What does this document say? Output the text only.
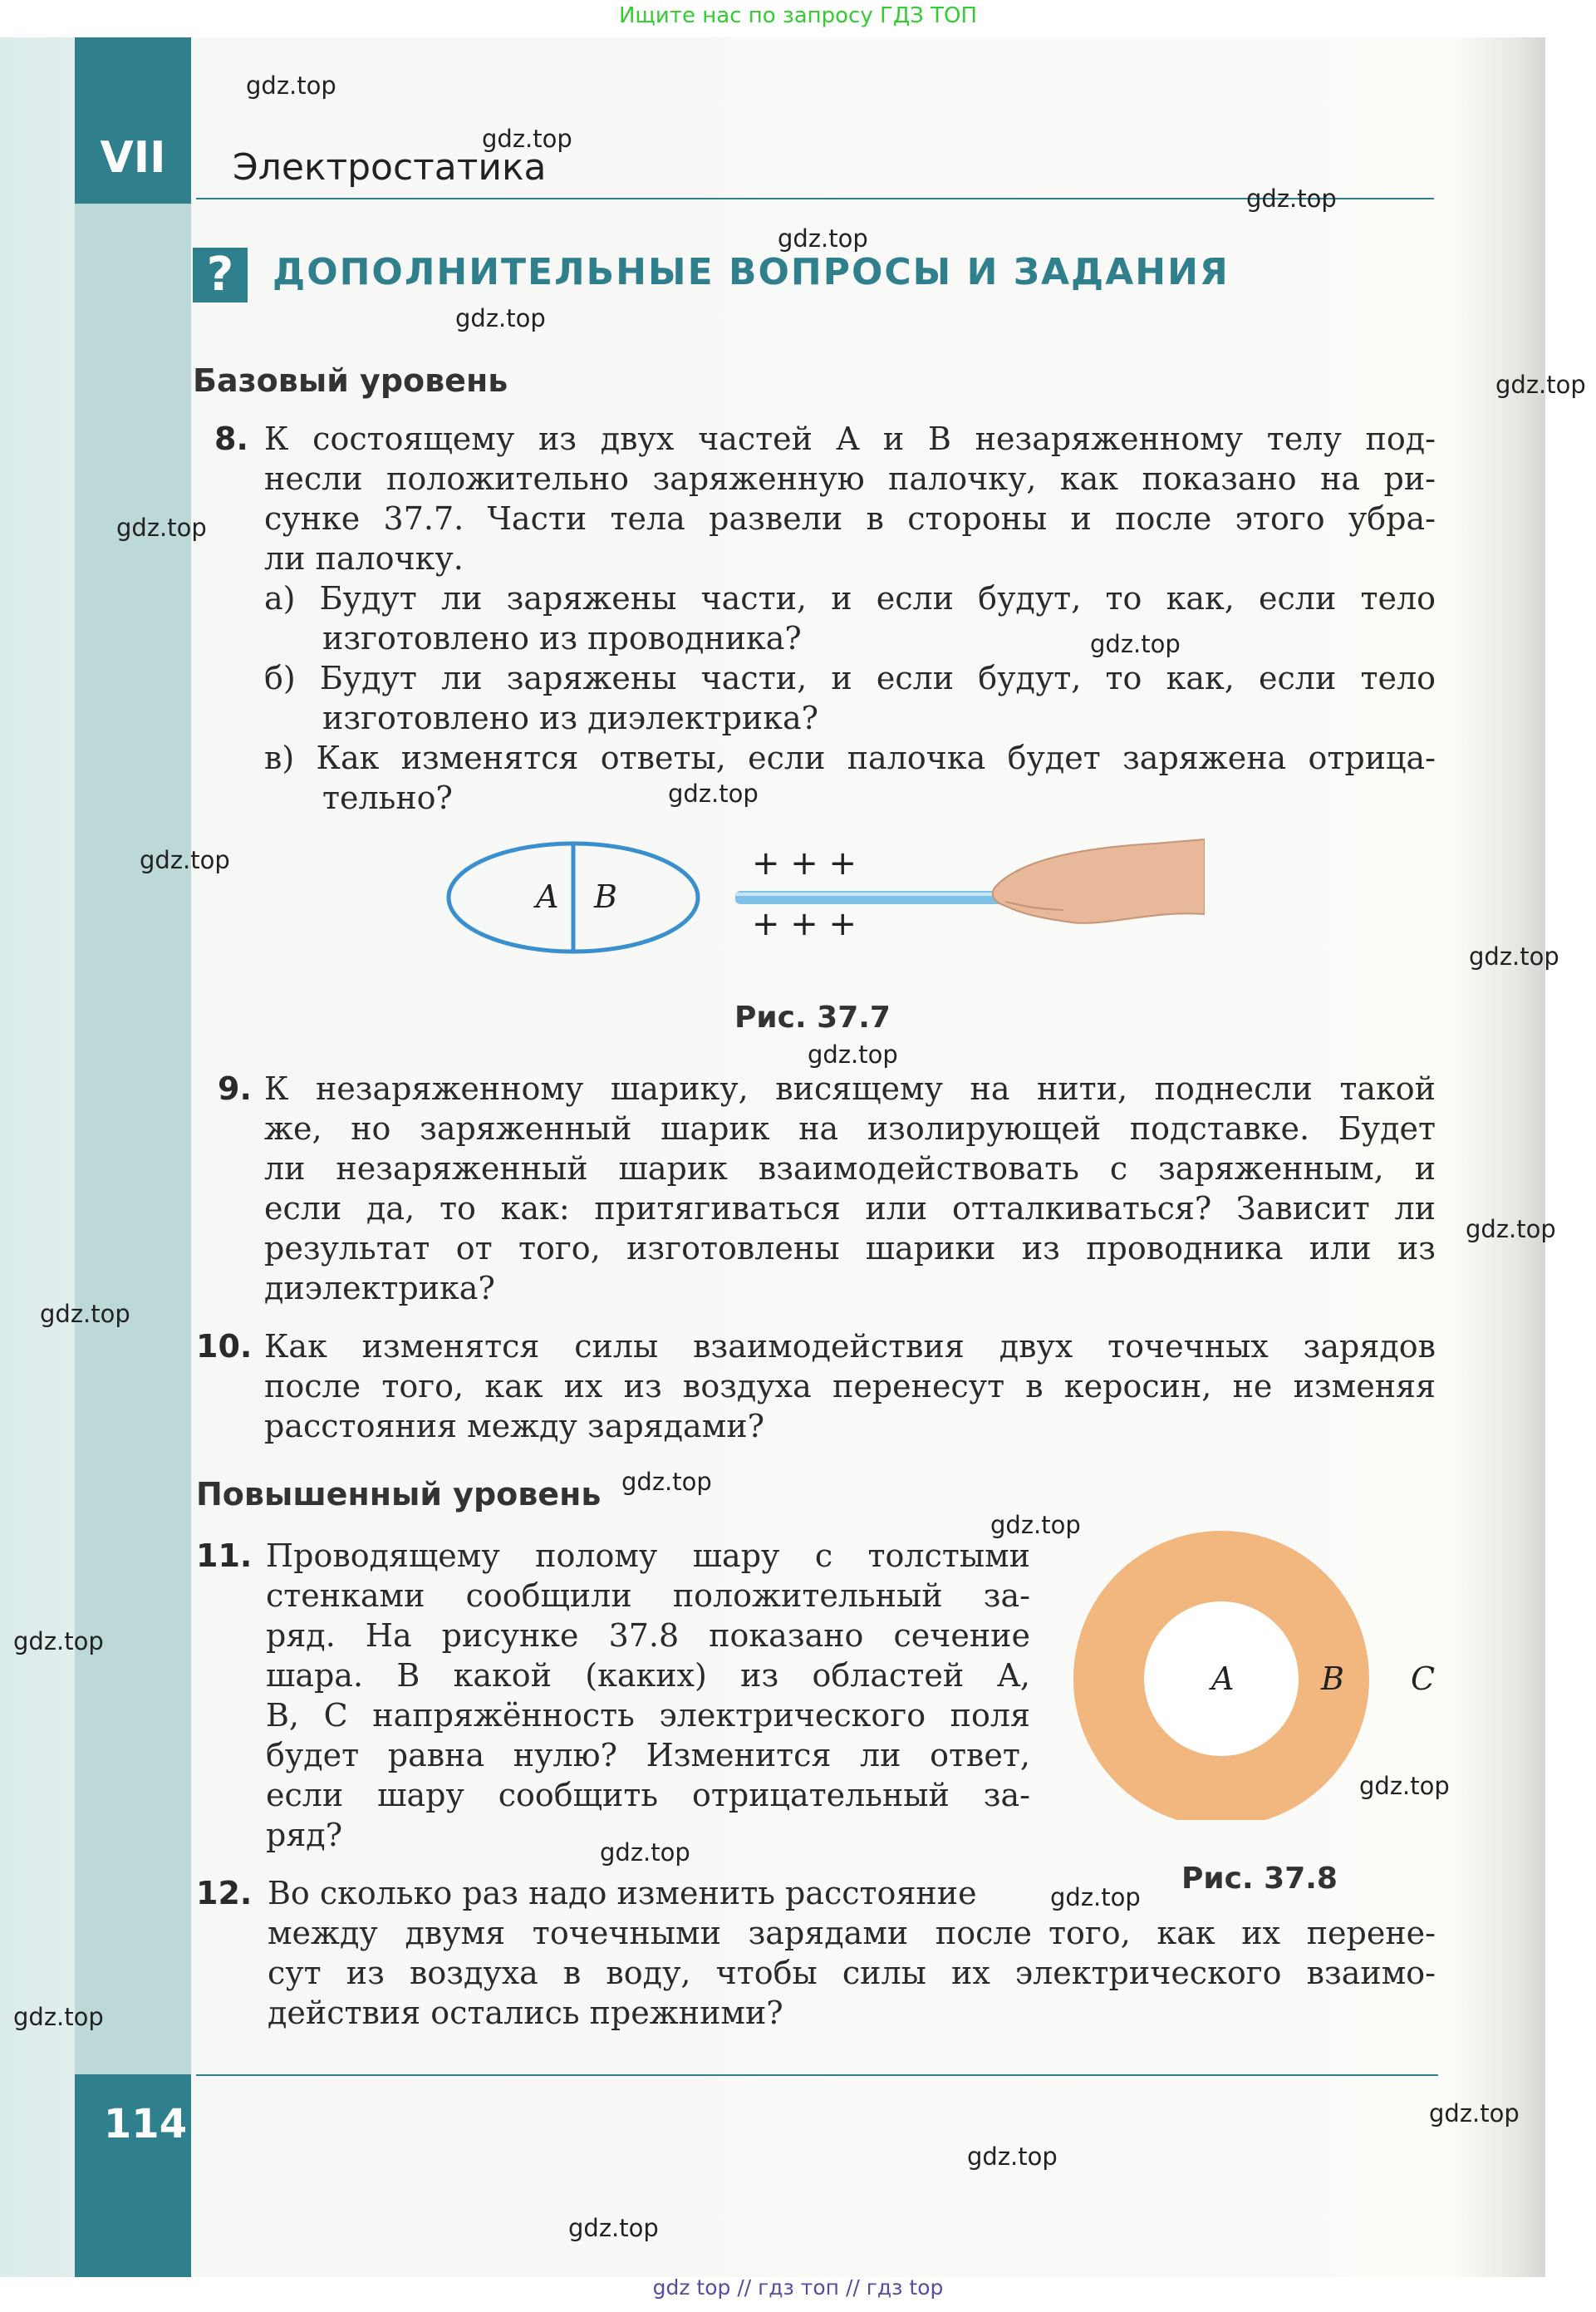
Ищите нас по запросу ГДЗ ТОП
VII	Электростатика
?	ДОПОЛНИТЕЛЬНЫЕ ВОПРОСЫ И ЗАДАНИЯ
Базовый уровень
8. К состоящему из двух частей A и B незаряженному телу под-
несли положительно заряженную палочку, как показано на ри-
сунке 37.7. Части тела развели в стороны и после этого убра-
ли палочку.
а) Будут ли заряжены части, и если будут, то как, если тело
изготовлено из проводника?
б) Будут ли заряжены части, и если будут, то как, если тело
изготовлено из диэлектрика?
в) Как изменятся ответы, если палочка будет заряжена отрица-
тельно?
A B
+ + +
+ + +
Рис. 37.7
9. К незаряженному шарику, висящему на нити, поднесли такой
же, но заряженный шарик на изолирующей подставке. Будет
ли незаряженный шарик взаимодействовать с заряженным, и
если да, то как: притягиваться или отталкиваться? Зависит ли
результат от того, изготовлены шарики из проводника или из
диэлектрика?
10. Как изменятся силы взаимодействия двух точечных зарядов
после того, как их из воздуха перенесут в керосин, не изменяя
расстояния между зарядами?
Повышенный уровень
11. Проводящему полому шару с толстыми
стенками сообщили положительный за-
ряд. На рисунке 37.8 показано сечение
шара. В какой (каких) из областей A,
B, C напряжённость электрического поля
будет равна нулю? Изменится ли ответ,
если шару сообщить отрицательный за-
ряд?
A	B C
Рис. 37.8
12. Во сколько раз надо изменить расстояние
между двумя точечными зарядами после того, как их перене-
сут из воздуха в воду, чтобы силы их электрического взаимо-
действия остались прежними?
114
gdz.top
gdz.top
gdz.top
gdz.top
gdz.top
gdz.top
gdz.top
gdz.top
gdz.top
gdz.top
gdz.top
gdz.top
gdz.top
gdz.top
gdz.top
gdz.top
gdz.top
gdz.top
gdz.top
gdz.top
gdz.top
gdz.top
gdz.top
gdz.top
gdz top // гдз топ // гдз top
